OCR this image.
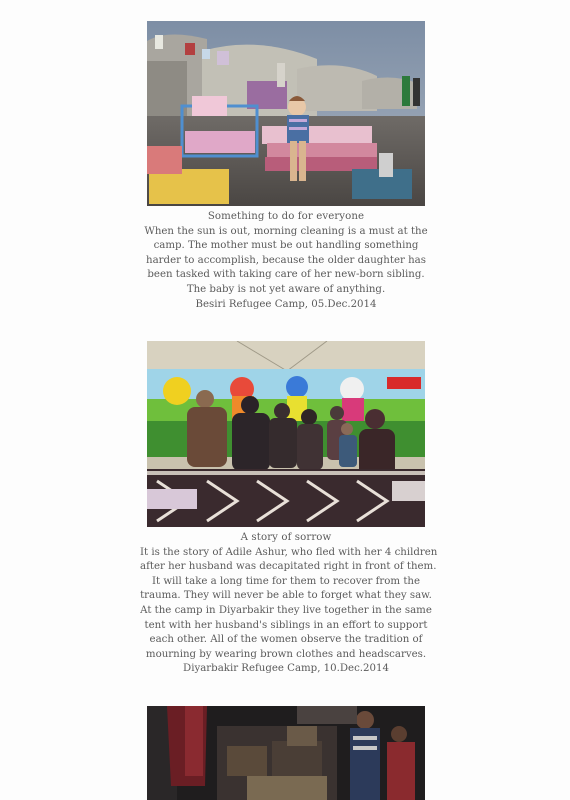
Something to do for everyone
When the sun is out, morning cleaning is a must at the
camp. The mother must be out handling something
harder to accomplish, because the older daughter has
been tasked with taking care of her new-born sibling.
The baby is not yet aware of anything.
Besiri Refugee Camp, 05.Dec.2014
A story of sorrow
It is the story of Adile Ashur, who fled with her 4 children
after her husband was decapitated right in front of them.
It will take a long time for them to recover from the
trauma. They will never be able to forget what they saw.
At the camp in Diyarbakir they live together in the same
tent with her husband's siblings in an effort to support
each other. All of the women observe the tradition of
mourning by wearing brown clothes and headscarves.
Diyarbakir Refugee Camp, 10.Dec.2014
